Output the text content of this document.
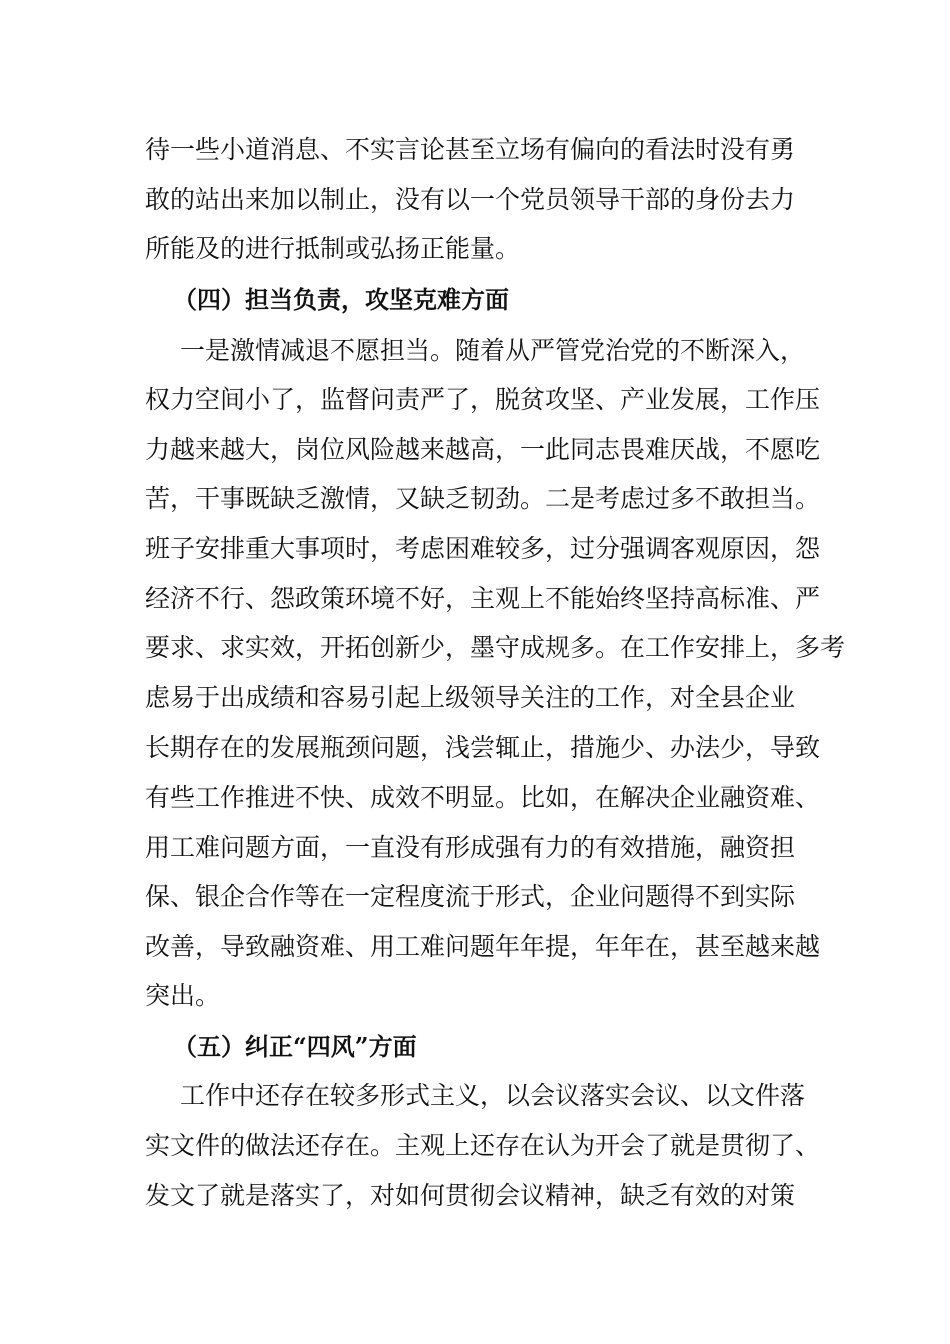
待一些小道消息、不实言论甚至立场有偏向的看法时没有勇
敢的站出来加以制止，没有以一个党员领导干部的身份去力
所能及的进行抵制或弘扬正能量。
（四）担当负责，攻坚克难方面
一是激情减退不愿担当。随着从严管党治党的不断深入，
权力空间小了，监督问责严了，脱贫攻坚、产业发展，工作压
力越来越大，岗位风险越来越高，一此同志畏难厌战，不愿吃
苦，干事既缺乏激情，又缺乏韧劲。二是考虑过多不敢担当。
班子安排重大事项时，考虑困难较多，过分强调客观原因，怨
经济不行、怨政策环境不好，主观上不能始终坚持高标准、严
要求、求实效，开拓创新少，墨守成规多。在工作安排上，多考
虑易于出成绩和容易引起上级领导关注的工作，对全县企业
长期存在的发展瓶颈问题，浅尝辄止，措施少、办法少，导致
有些工作推进不快、成效不明显。比如，在解决企业融资难、
用工难问题方面，一直没有形成强有力的有效措施，融资担
保、银企合作等在一定程度流于形式，企业问题得不到实际
改善，导致融资难、用工难问题年年提，年年在，甚至越来越
突出。
（五）纠正“四风”方面
工作中还存在较多形式主义，以会议落实会议、以文件落
实文件的做法还存在。主观上还存在认为开会了就是贯彻了、
发文了就是落实了，对如何贯彻会议精神，缺乏有效的对策
